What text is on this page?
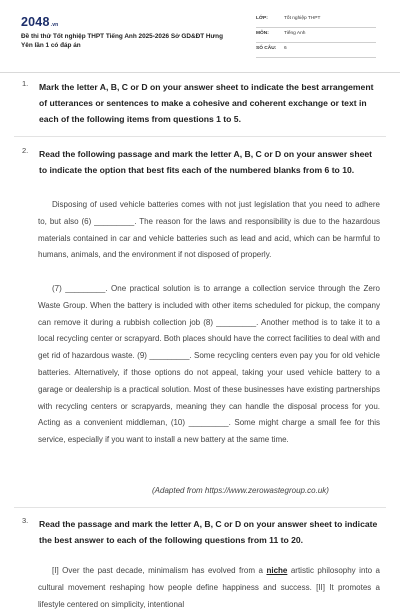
2048.vn
Đề thi thử Tốt nghiệp THPT Tiếng Anh 2025-2026 Sở GD&ĐT Hưng Yên lần 1 có đáp án
LỚP:	Tốt nghiệp THPT
MÔN:	Tiếng Anh
SỐ CÂU: 6
1. Mark the letter A, B, C or D on your answer sheet to indicate the best arrangement of utterances or sentences to make a cohesive and coherent exchange or text in each of the following items from questions 1 to 5.
2. Read the following passage and mark the letter A, B, C or D on your answer sheet to indicate the option that best fits each of the numbered blanks from 6 to 10.

Disposing of used vehicle batteries comes with not just legislation that you need to adhere to, but also (6) _________. The reason for the laws and responsibility is due to the hazardous materials contained in car and vehicle batteries such as lead and acid, which can be harmful to humans, animals, and the environment if not disposed of properly.

(7) _________. One practical solution is to arrange a collection service through the Zero Waste Group. When the battery is included with other items scheduled for pickup, the company can remove it during a rubbish collection job (8) _________. Another method is to take it to a local recycling center or scrapyard. Both places should have the correct facilities to deal with and get rid of hazardous waste. (9) _________. Some recycling centers even pay you for old vehicle batteries. Alternatively, if those options do not appeal, taking your used vehicle battery to a garage or dealership is a practical solution. Most of these businesses have existing partnerships with recycling centers or scrapyards, meaning they can handle the disposal process for you. Acting as a convenient middleman, (10) _________. Some might charge a small fee for this service, especially if you want to install a new battery at the same time.

(Adapted from https://www.zerowastegroup.co.uk)
3. Read the passage and mark the letter A, B, C or D on your answer sheet to indicate the best answer to each of the following questions from 11 to 20.

[I] Over the past decade, minimalism has evolved from a niche artistic philosophy into a cultural movement reshaping how people define happiness and success. [II] It promotes a lifestyle centered on simplicity, intentional
